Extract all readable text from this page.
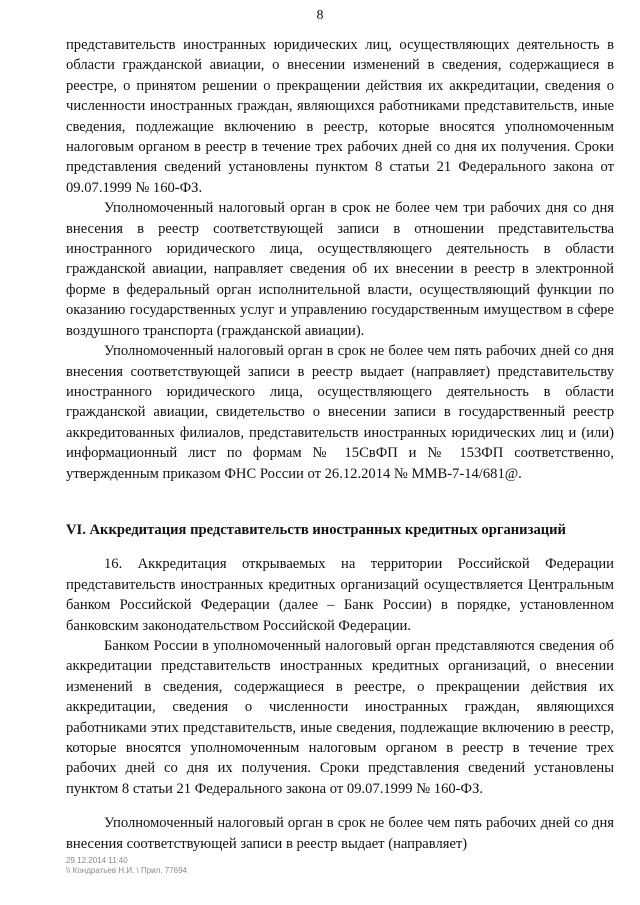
8

представительств иностранных юридических лиц, осуществляющих деятельность в области гражданской авиации, о внесении изменений в сведения, содержащиеся в реестре, о принятом решении о прекращении действия их аккредитации, сведения о численности иностранных граждан, являющихся работниками представительств, иные сведения, подлежащие включению в реестр, которые вносятся уполномоченным налоговым органом в реестр в течение трех рабочих дней со дня их получения. Сроки представления сведений установлены пунктом 8 статьи 21 Федерального закона от 09.07.1999 № 160-ФЗ.

Уполномоченный налоговый орган в срок не более чем три рабочих дня со дня внесения в реестр соответствующей записи в отношении представительства иностранного юридического лица, осуществляющего деятельность в области гражданской авиации, направляет сведения об их внесении в реестр в электронной форме в федеральный орган исполнительной власти, осуществляющий функции по оказанию государственных услуг и управлению государственным имуществом в сфере воздушного транспорта (гражданской авиации).

Уполномоченный налоговый орган в срок не более чем пять рабочих дней со дня внесения соответствующей записи в реестр выдает (направляет) представительству иностранного юридического лица, осуществляющего деятельность в области гражданской авиации, свидетельство о внесении записи в государственный реестр аккредитованных филиалов, представительств иностранных юридических лиц и (или) информационный лист по формам № 15СвФП и № 153ФП соответственно, утвержденным приказом ФНС России от 26.12.2014 № ММВ-7-14/681@.

VI. Аккредитация представительств иностранных кредитных организаций

16. Аккредитация открываемых на территории Российской Федерации представительств иностранных кредитных организаций осуществляется Центральным банком Российской Федерации (далее – Банк России) в порядке, установленном банковским законодательством Российской Федерации.

Банком России в уполномоченный налоговый орган представляются сведения об аккредитации представительств иностранных кредитных организаций, о внесении изменений в сведения, содержащиеся в реестре, о прекращении действия их аккредитации, сведения о численности иностранных граждан, являющихся работниками этих представительств, иные сведения, подлежащие включению в реестр, которые вносятся уполномоченным налоговым органом в реестр в течение трех рабочих дней со дня их получения. Сроки представления сведений установлены пунктом 8 статьи 21 Федерального закона от 09.07.1999 № 160-ФЗ.

Уполномоченный налоговый орган в срок не более чем пять рабочих дней со дня внесения соответствующей записи в реестр выдает (направляет)

29.12.2014 11:40
\\ Кондратьев Н.И. \ Прил. 77694
